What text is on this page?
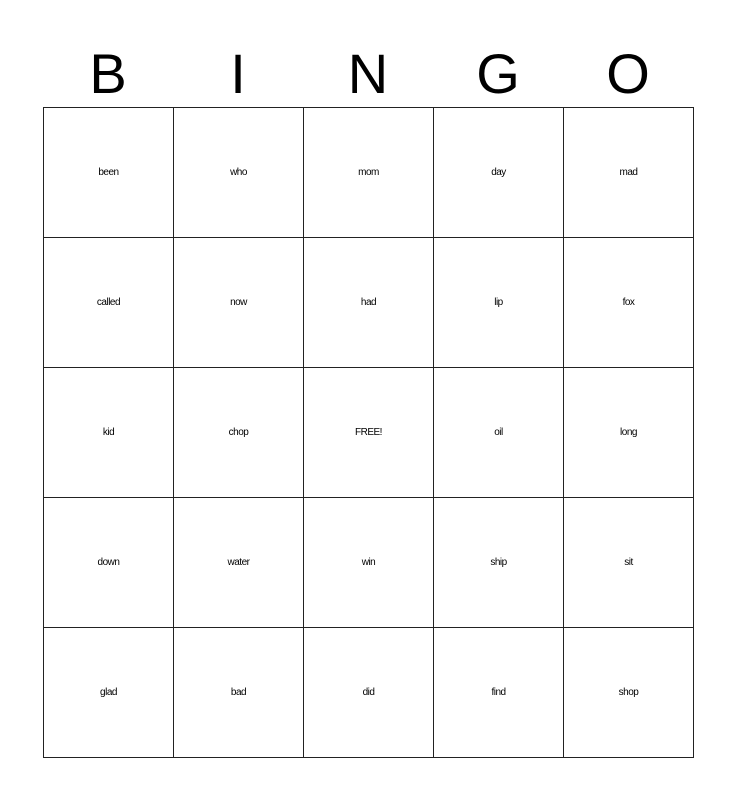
B	I	N	G	O
been	who	mom	day	mad
called	now	had	lip	fox
kid	chop	FREE!	oil	long
down	water	win	ship	sit
glad	bad	did	find	shop
